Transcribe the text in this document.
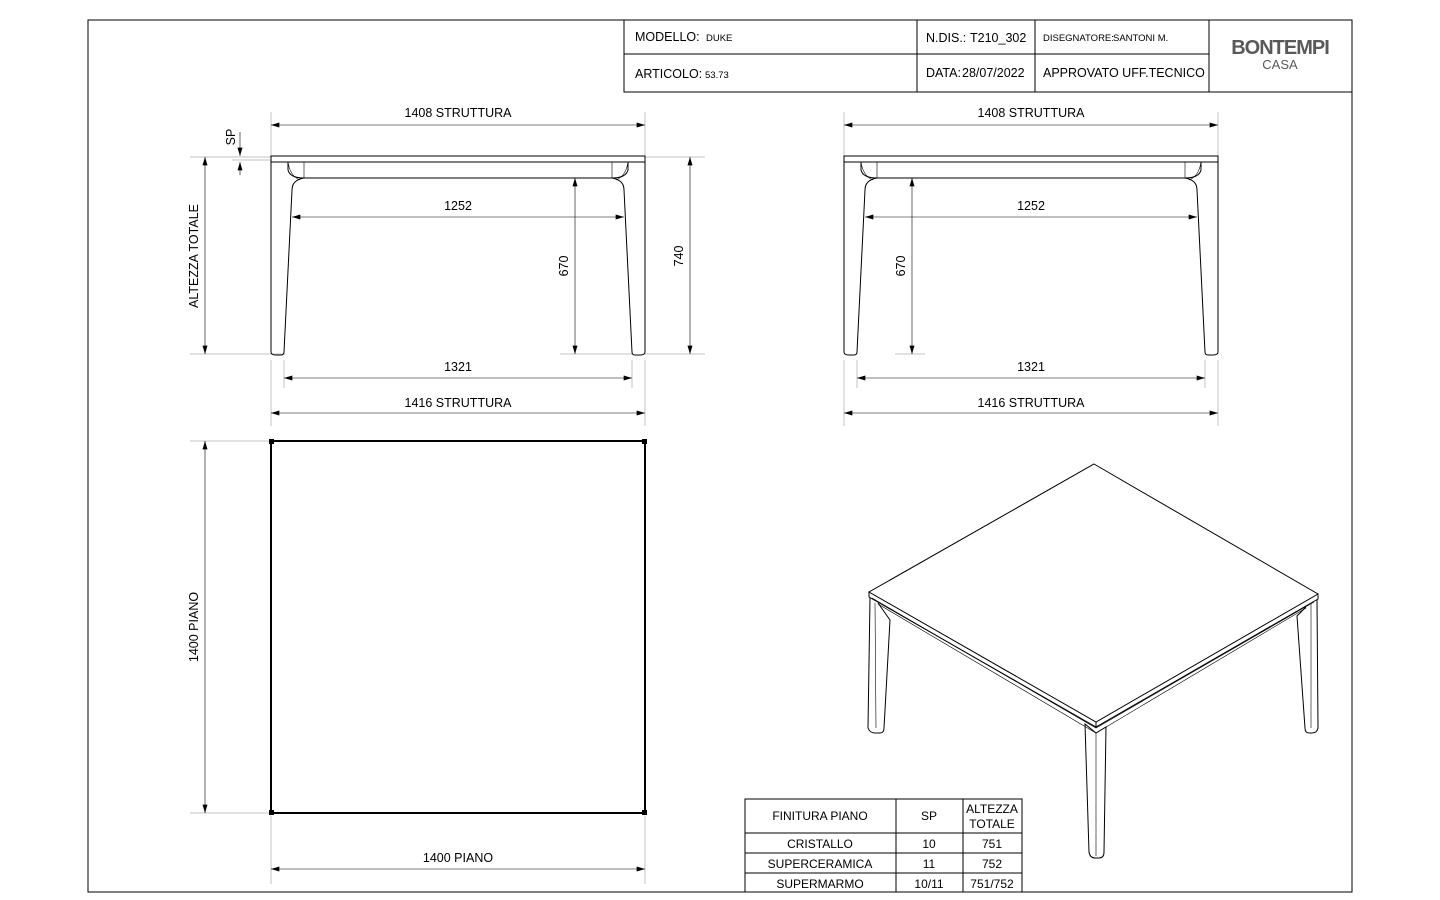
MODELLO: DUKE
ARTICOLO: 53.73
N.DIS.: T210_302
DATA: 28/07/2022
DISEGNATORE: SANTONI M.
APPROVATO UFF.TECNICO
BONTEMPI
CASA
1408 STRUTTURA
SP
1252
670	740
ALTEZZA TOTALE
1321
1416 STRUTTURA
1408 STRUTTURA
1252
670
1321
1416 STRUTTURA
1400 PIANO
1400 PIANO
FINITURA PIANO	SP ALTEZZA
TOTALE
CRISTALLO	10	751
SUPERCERAMICA	11	752
SUPERMARMO	10/11 751/752
